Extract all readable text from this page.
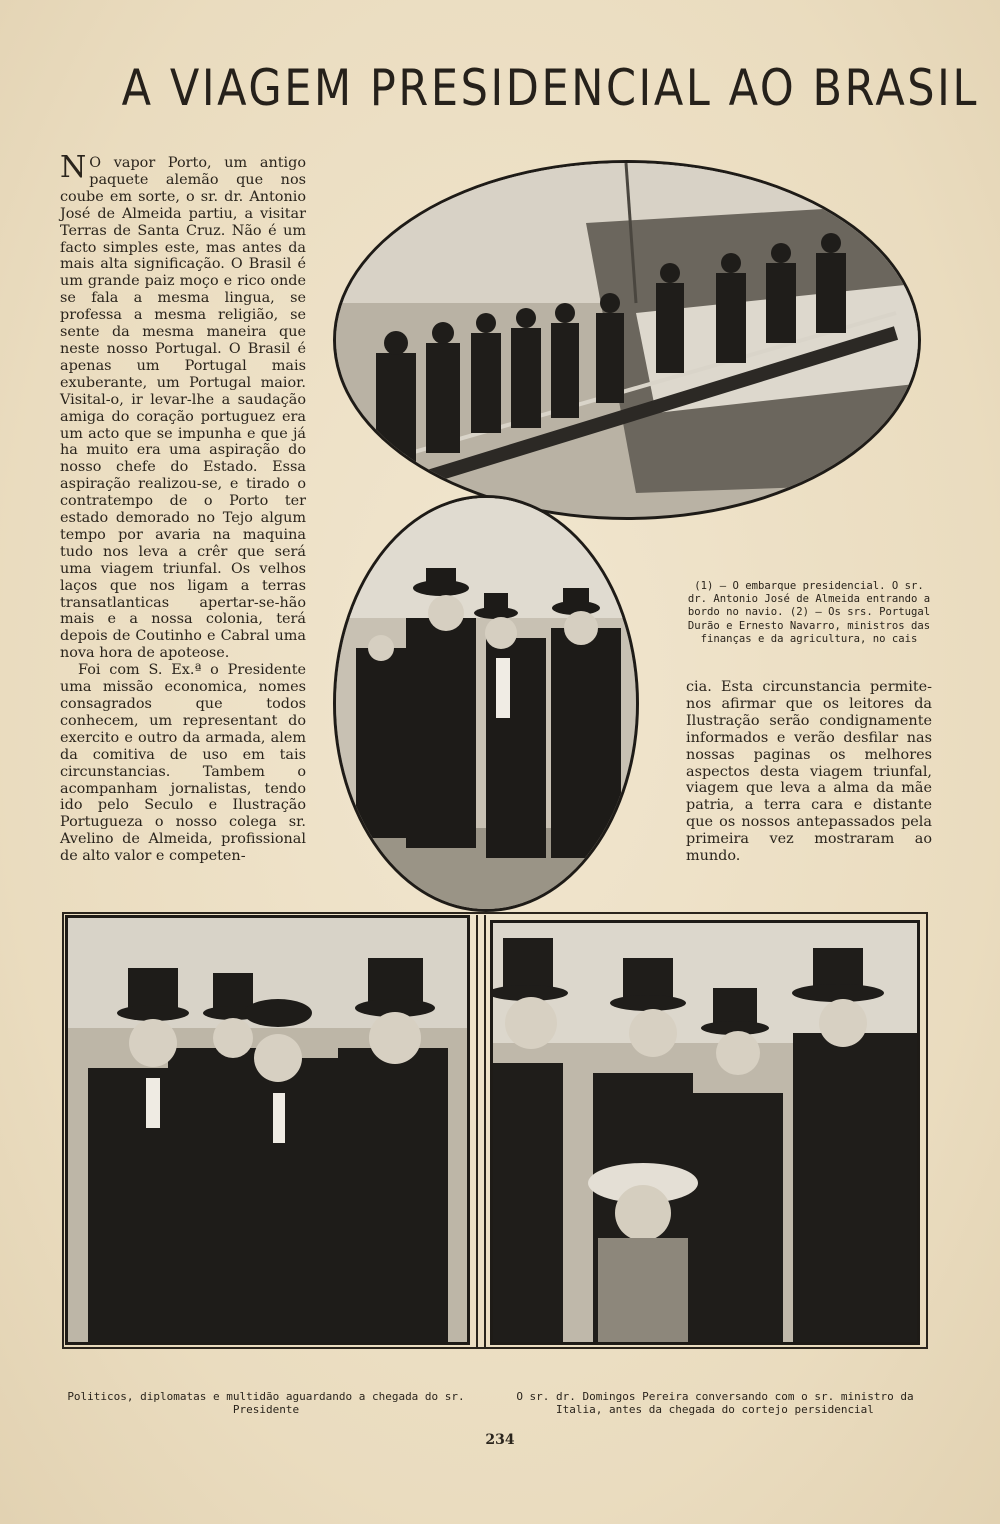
A VIAGEM PRESIDENCIAL AO BRASIL

N O vapor Porto, um antigo paquete alemão que nos coube em sorte, o sr. dr. Antonio José de Almeida partiu, a visitar Terras de Santa Cruz. Não é um facto simples este, mas antes da mais alta significação. O Brasil é um grande paiz moço e rico onde se fala a mesma lingua, se professa a mesma religião, se sente da mesma maneira que neste nosso Portugal. O Brasil é apenas um Portugal mais exuberante, um Portugal maior. Visital-o, ir levar-lhe a saudação amiga do coração portuguez era um acto que se impunha e que já ha muito era uma aspiração do nosso chefe do Estado. Essa aspiração realizou-se, e tirado o contratempo de o Porto ter estado demorado no Tejo algum tempo por avaria na maquina tudo nos leva a crêr que será uma viagem triunfal. Os velhos laços que nos ligam a terras transatlanticas apertar-se-hão mais e a nossa colonia, terá depois de Coutinho e Cabral uma nova hora de apoteose.

Foi com S. Ex.ª o Presidente uma missão economica, nomes consagrados que todos conhecem, um representant do exercito e outro da armada, alem da comitiva de uso em tais circunstancias. Tambem o acompanham jornalistas, tendo ido pelo Seculo e Ilustração Portugueza o nosso colega sr. Avelino de Almeida, profissional de alto valor e competen-

(1) — O embarque presidencial. O sr. dr. Antonio José de Almeida entrando a bordo no navio. (2) — Os srs. Portugal Durão e Ernesto Navarro, ministros das finanças e da agricultura, no cais
cia. Esta circunstancia permite-nos afirmar que os leitores da Ilustração serão condignamente informados e verão desfilar nas nossas paginas os melhores aspectos desta viagem triunfal, viagem que leva a alma da mãe patria, a terra cara e distante que os nossos antepassados pela primeira vez mostraram ao mundo.
Politicos, diplomatas e multidão aguardando a chegada do sr. Presidente
O sr. dr. Domingos Pereira conversando com o sr. ministro da Italia, antes da chegada do cortejo persidencial
234
